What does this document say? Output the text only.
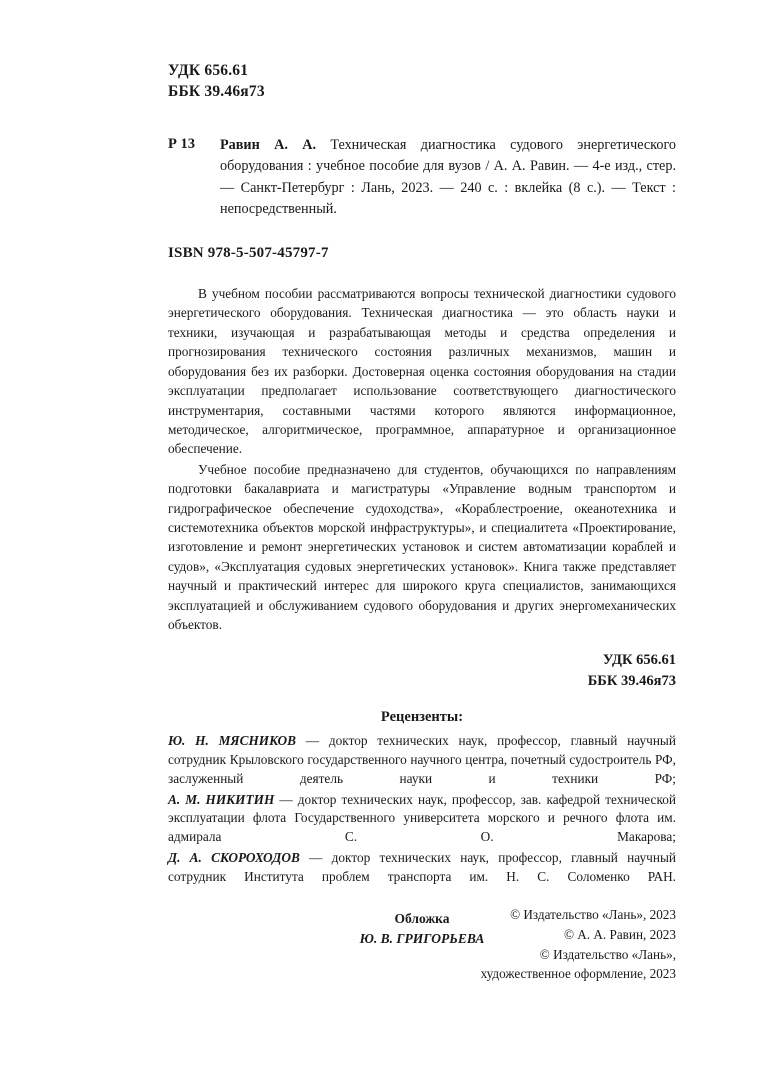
УДК 656.61
ББК 39.46я73
Р 13	Равин А. А. Техническая диагностика судового энергетического оборудования : учебное пособие для вузов / А. А. Равин. — 4-е изд., стер. — Санкт-Петербург : Лань, 2023. — 240 с. : вклейка (8 с.). — Текст : непосредственный.
ISBN 978-5-507-45797-7

В учебном пособии рассматриваются вопросы технической диагностики судового энергетического оборудования. Техническая диагностика — это область науки и техники, изучающая и разрабатывающая методы и средства определения и прогнозирования технического состояния различных механизмов, машин и оборудования без их разборки. Достоверная оценка состояния оборудования на стадии эксплуатации предполагает использование соответствующего диагностического инструментария, составными частями которого являются информационное, методическое, алгоритмическое, программное, аппаратурное и организационное обеспечение.

Учебное пособие предназначено для студентов, обучающихся по направлениям подготовки бакалавриата и магистратуры «Управление водным транспортом и гидрографическое обеспечение судоходства», «Кораблестроение, океанотехника и системотехника объектов морской инфраструктуры», и специалитета «Проектирование, изготовление и ремонт энергетических установок и систем автоматизации кораблей и судов», «Эксплуатация судовых энергетических установок». Книга также представляет научный и практический интерес для широкого круга специалистов, занимающихся эксплуатацией и обслуживанием судового оборудования и других энергомеханических объектов.

УДК 656.61
ББК 39.46я73
Рецензенты:
Ю. Н. МЯСНИКОВ — доктор технических наук, профессор, главный научный сотрудник Крыловского государственного научного центра, почетный судостроитель РФ, заслуженный деятель науки и техники РФ;
А. М. НИКИТИН — доктор технических наук, профессор, зав. кафедрой технической эксплуатации флота Государственного университета морского и речного флота им. адмирала С. О. Макарова;
Д. А. СКОРОХОДОВ — доктор технических наук, профессор, главный научный сотрудник Института проблем транспорта им. Н. С. Соломенко РАН.
Обложка
Ю. В. ГРИГОРЬЕВА
© Издательство «Лань», 2023
© А. А. Равин, 2023
© Издательство «Лань»,
художественное оформление, 2023
